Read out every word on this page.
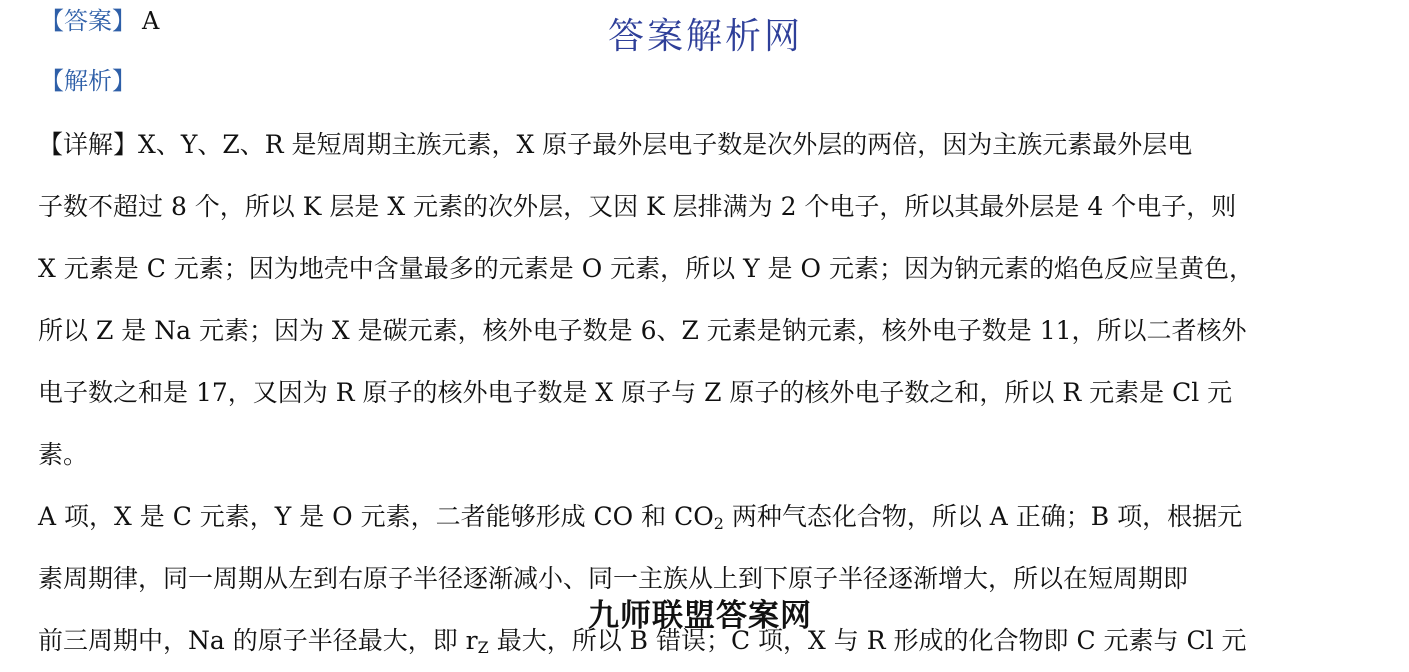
【答案】 A	答案解析网
【解析】
【详解】X、Y、Z、R 是短周期主族元素，X 原子最外层电子数是次外层的两倍，因为主族元素最外层电
子数不超过 8 个，所以 K 层是 X 元素的次外层，又因 K 层排满为 2 个电子，所以其最外层是 4 个电子，则
X 元素是 C 元素；因为地壳中含量最多的元素是 O 元素，所以 Y 是 O 元素；因为钠元素的焰色反应呈黄色，
所以 Z 是 Na 元素；因为 X 是碳元素，核外电子数是 6、Z 元素是钠元素，核外电子数是 11，所以二者核外
电子数之和是 17，又因为 R 原子的核外电子数是 X 原子与 Z 原子的核外电子数之和，所以 R 元素是 Cl 元
素。
A 项，X 是 C 元素，Y 是 O 元素，二者能够形成 CO 和 $CO_2$ 两种气态化合物，所以 A 正确；B 项，根据元
素周期律，同一周期从左到右原子半径逐渐减小、同一主族从上到下原子半径逐渐增大，所以在短周期即
前三周期中，Na 的原子半径最大，即 $r_Z$ 最大，所以 B 错误；C 项，X 与 R 形成的化合物即 C 元素与 Cl 元
九师联盟答案网
